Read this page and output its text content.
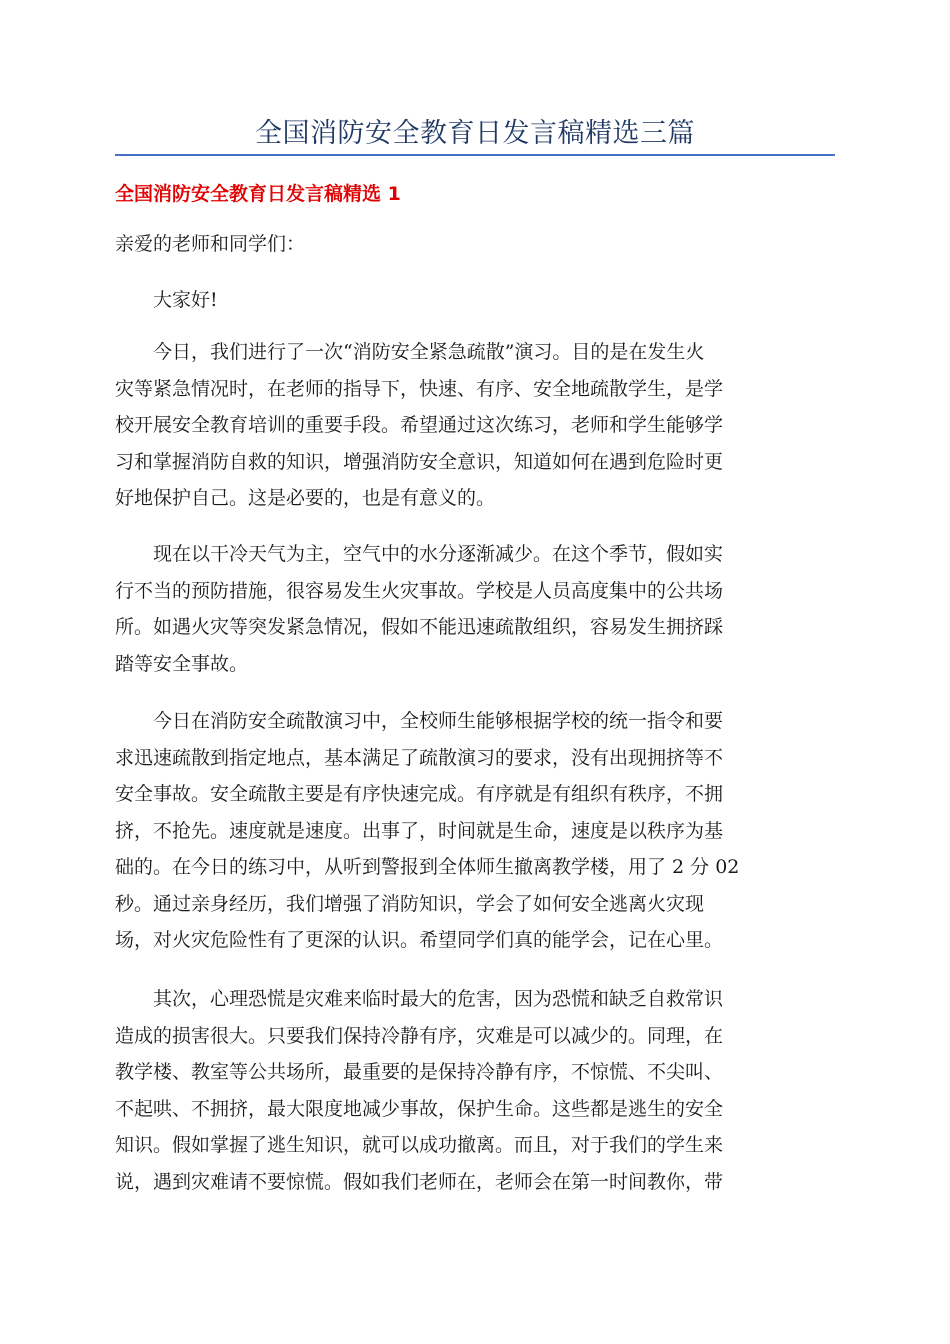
全国消防安全教育日发言稿精选三篇
全国消防安全教育日发言稿精选 1
亲爱的老师和同学们：
　　大家好!
　　今日，我们进行了一次“消防安全紧急疏散”演习。目的是在发生火
灾等紧急情况时，在老师的指导下，快速、有序、安全地疏散学生，是学
校开展安全教育培训的重要手段。希望通过这次练习，老师和学生能够学
习和掌握消防自救的知识，增强消防安全意识，知道如何在遇到危险时更
好地保护自己。这是必要的，也是有意义的。
　　现在以干冷天气为主，空气中的水分逐渐减少。在这个季节，假如实
行不当的预防措施，很容易发生火灾事故。学校是人员高度集中的公共场
所。如遇火灾等突发紧急情况，假如不能迅速疏散组织，容易发生拥挤踩
踏等安全事故。
　　今日在消防安全疏散演习中，全校师生能够根据学校的统一指令和要
求迅速疏散到指定地点，基本满足了疏散演习的要求，没有出现拥挤等不
安全事故。安全疏散主要是有序快速完成。有序就是有组织有秩序，不拥
挤，不抢先。速度就是速度。出事了，时间就是生命，速度是以秩序为基
础的。在今日的练习中，从听到警报到全体师生撤离教学楼，用了 2 分 02
秒。通过亲身经历，我们增强了消防知识，学会了如何安全逃离火灾现
场，对火灾危险性有了更深的认识。希望同学们真的能学会，记在心里。
　　其次，心理恐慌是灾难来临时最大的危害，因为恐慌和缺乏自救常识
造成的损害很大。只要我们保持冷静有序，灾难是可以减少的。同理，在
教学楼、教室等公共场所，最重要的是保持冷静有序，不惊慌、不尖叫、
不起哄、不拥挤，最大限度地减少事故，保护生命。这些都是逃生的安全
知识。假如掌握了逃生知识，就可以成功撤离。而且，对于我们的学生来
说，遇到灾难请不要惊慌。假如我们老师在，老师会在第一时间教你，带
